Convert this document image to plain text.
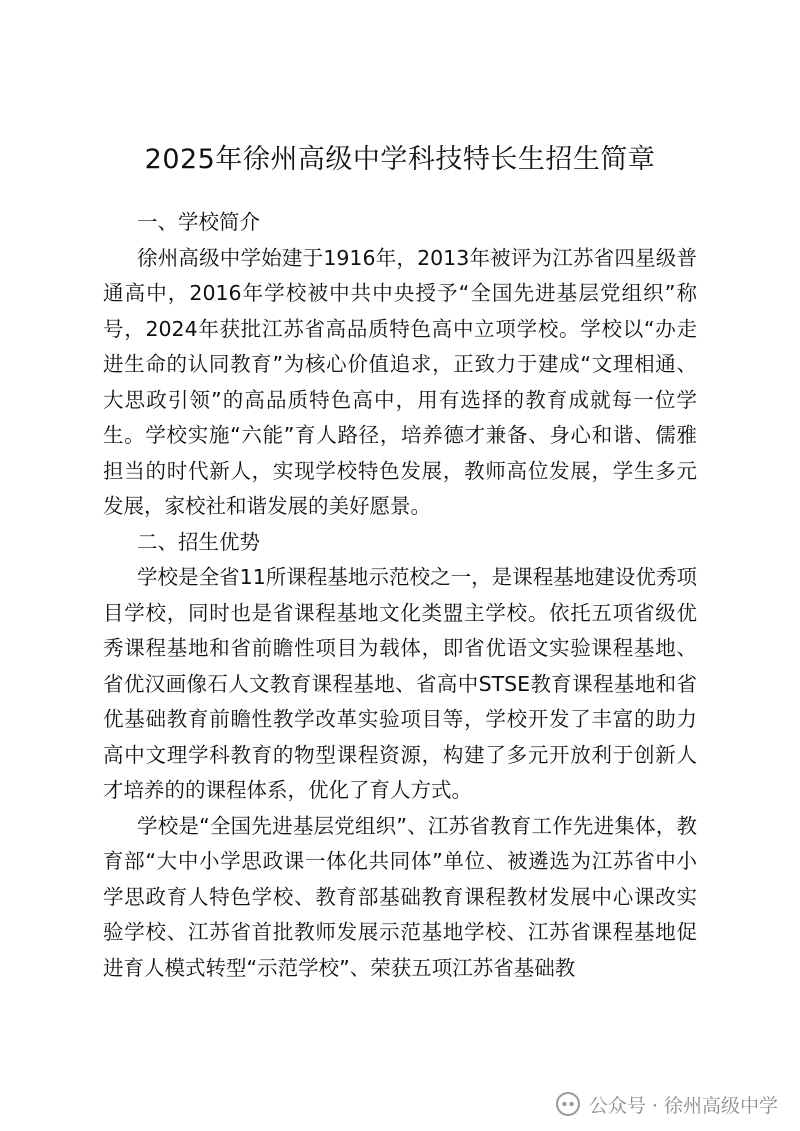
2025年徐州高级中学科技特长生招生简章

一、学校简介

徐州高级中学始建于1916年，2013年被评为江苏省四星级普通高中，2016年学校被中共中央授予“全国先进基层党组织”称号，2024年获批江苏省高品质特色高中立项学校。学校以“办走进生命的认同教育”为核心价值追求，正致力于建成“文理相通、大思政引领”的高品质特色高中，用有选择的教育成就每一位学生。学校实施“六能”育人路径，培养德才兼备、身心和谐、儒雅担当的时代新人，实现学校特色发展，教师高位发展，学生多元发展，家校社和谐发展的美好愿景。

二、招生优势

学校是全省11所课程基地示范校之一，是课程基地建设优秀项目学校，同时也是省课程基地文化类盟主学校。依托五项省级优秀课程基地和省前瞻性项目为载体，即省优语文实验课程基地、省优汉画像石人文教育课程基地、省高中STSE教育课程基地和省优基础教育前瞻性教学改革实验项目等，学校开发了丰富的助力高中文理学科教育的物型课程资源，构建了多元开放利于创新人才培养的的课程体系，优化了育人方式。

学校是“全国先进基层党组织”、江苏省教育工作先进集体，教育部“大中小学思政课一体化共同体”单位、被遴选为江苏省中小学思政育人特色学校、教育部基础教育课程教材发展中心课改实验学校、江苏省首批教师发展示范基地学校、江苏省课程基地促进育人模式转型“示范学校”、荣获五项江苏省基础教

公众号 · 徐州高级中学
